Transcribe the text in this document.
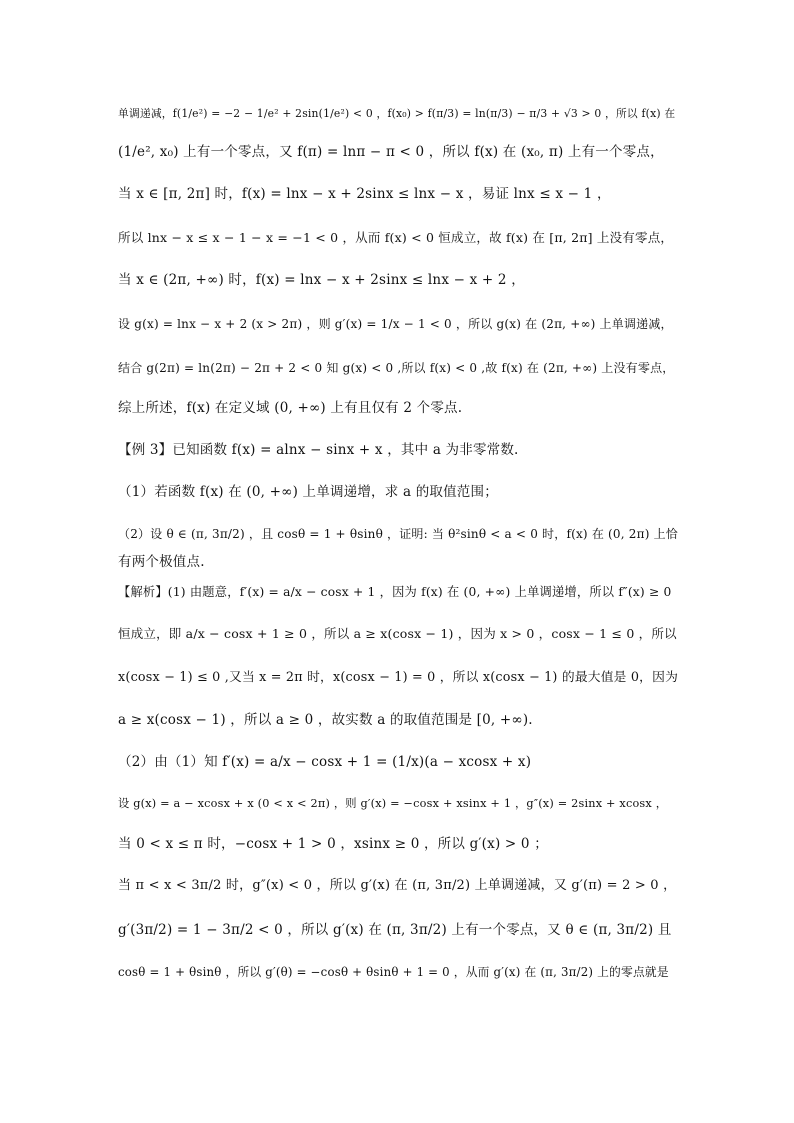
单调递减，f(1/e²) = −2 − 1/e² + 2sin(1/e²) < 0 ，f(x₀) > f(π/3) = ln(π/3) − π/3 + √3 > 0 ，所以 f(x) 在
(1/e², x₀) 上有一个零点，又 f(π) = lnπ − π < 0 ，所以 f(x) 在 (x₀, π) 上有一个零点，
当 x ∈ [π, 2π] 时，f(x) = lnx − x + 2sinx ≤ lnx − x ，易证 lnx ≤ x − 1 ，
所以 lnx − x ≤ x − 1 − x = −1 < 0 ，从而 f(x) < 0 恒成立，故 f(x) 在 [π, 2π] 上没有零点，
当 x ∈ (2π, +∞) 时，f(x) = lnx − x + 2sinx ≤ lnx − x + 2 ，
设 g(x) = lnx − x + 2 (x > 2π) ，则 g′(x) = 1/x − 1 < 0 ，所以 g(x) 在 (2π, +∞) 上单调递减，
结合 g(2π) = ln(2π) − 2π + 2 < 0 知 g(x) < 0 ,所以 f(x) < 0 ,故 f(x) 在 (2π, +∞) 上没有零点，
综上所述，f(x) 在定义域 (0, +∞) 上有且仅有 2 个零点.
【例 3】已知函数 f(x) = alnx − sinx + x ，其中 a 为非零常数.
（1）若函数 f(x) 在 (0, +∞) 上单调递增，求 a 的取值范围；
（2）设 θ ∈ (π, 3π/2) ，且 cosθ = 1 + θsinθ ，证明: 当 θ²sinθ < a < 0 时，f(x) 在 (0, 2π) 上恰
有两个极值点.
【解析】(1) 由题意，f′(x) = a/x − cosx + 1 ，因为 f(x) 在 (0, +∞) 上单调递增，所以 f″(x) ≥ 0
恒成立，即 a/x − cosx + 1 ≥ 0 ，所以 a ≥ x(cosx − 1) ，因为 x > 0 ，cosx − 1 ≤ 0 ，所以
x(cosx − 1) ≤ 0 ,又当 x = 2π 时，x(cosx − 1) = 0 ，所以 x(cosx − 1) 的最大值是 0，因为
a ≥ x(cosx − 1) ，所以 a ≥ 0 ，故实数 a 的取值范围是 [0, +∞).
（2）由（1）知 f′(x) = a/x − cosx + 1 = (1/x)(a − xcosx + x)
设 g(x) = a − xcosx + x (0 < x < 2π) ，则 g′(x) = −cosx + xsinx + 1 ，g″(x) = 2sinx + xcosx ，
当 0 < x ≤ π 时，−cosx + 1 > 0 ，xsinx ≥ 0 ，所以 g′(x) > 0 ；
当 π < x < 3π/2 时，g″(x) < 0 ，所以 g′(x) 在 (π, 3π/2) 上单调递减，又 g′(π) = 2 > 0 ，
g′(3π/2) = 1 − 3π/2 < 0 ，所以 g′(x) 在 (π, 3π/2) 上有一个零点，又 θ ∈ (π, 3π/2) 且
cosθ = 1 + θsinθ ，所以 g′(θ) = −cosθ + θsinθ + 1 = 0 ，从而 g′(x) 在 (π, 3π/2) 上的零点就是
